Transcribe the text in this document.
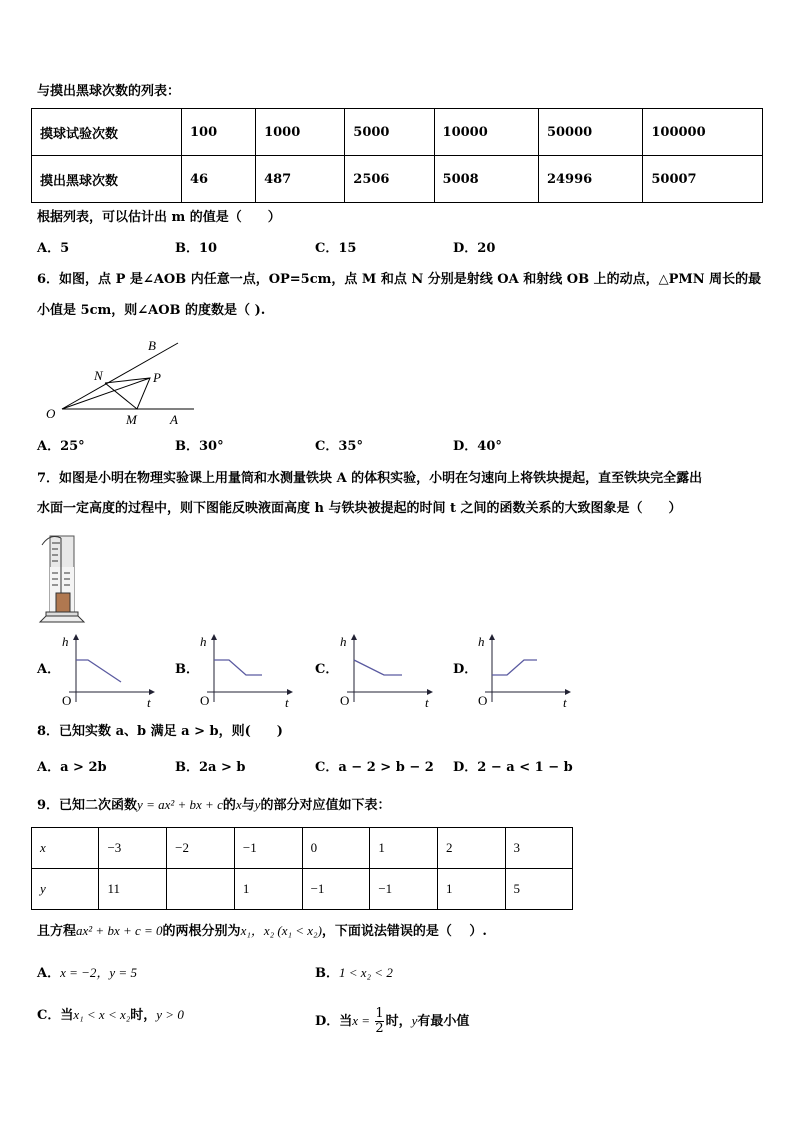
与摸出黑球次数的列表：
摸球试验次数	100	1000	5000	10000	50000	100000
摸出黑球次数	46	487	2506	5008	24996	50007
根据列表，可以估计出 m 的值是（　　）
A．5	B．10	C．15	D．20
6．如图，点 P 是∠AOB 内任意一点，OP=5cm，点 M 和点 N 分别是射线 OA 和射线 OB 上的动点，△PMN 周长的最
小值是 5cm，则∠AOB 的度数是（ ).
O	A
B
M
N	P
A．25°	B．30°	C．35°	D．40°
7．如图是小明在物理实验课上用量筒和水测量铁块 A 的体积实验，小明在匀速向上将铁块提起，直至铁块完全露出
水面一定高度的过程中，则下图能反映液面高度 h 与铁块被提起的时间 t 之间的函数关系的大致图象是（　　）
A．
h
t
O
B．
h
t
O
C．
h
t
O
D．
h
t
O
8．已知实数 a、b 满足 a > b，则(　　)
A．a > 2b	B．2a > b	C．a − 2 > b − 2 D．2 − a < 1 − b
9．已知二次函数y = ax² + bx + c的x与y的部分对应值如下表：
x	−3	−2	−1	0	1	2	3
y	11		1	−1	−1	1	5
且方程ax² + bx + c = 0的两根分别为x₁，x₂ (x₁ < x₂)，下面说法错误的是（　 ）.
A．x = −2，y = 5	B．1 < x₂ < 2
C．当x₁ < x < x₂时，y > 0	D．当$x = \frac{1}{2}$ 时，y有最小值
